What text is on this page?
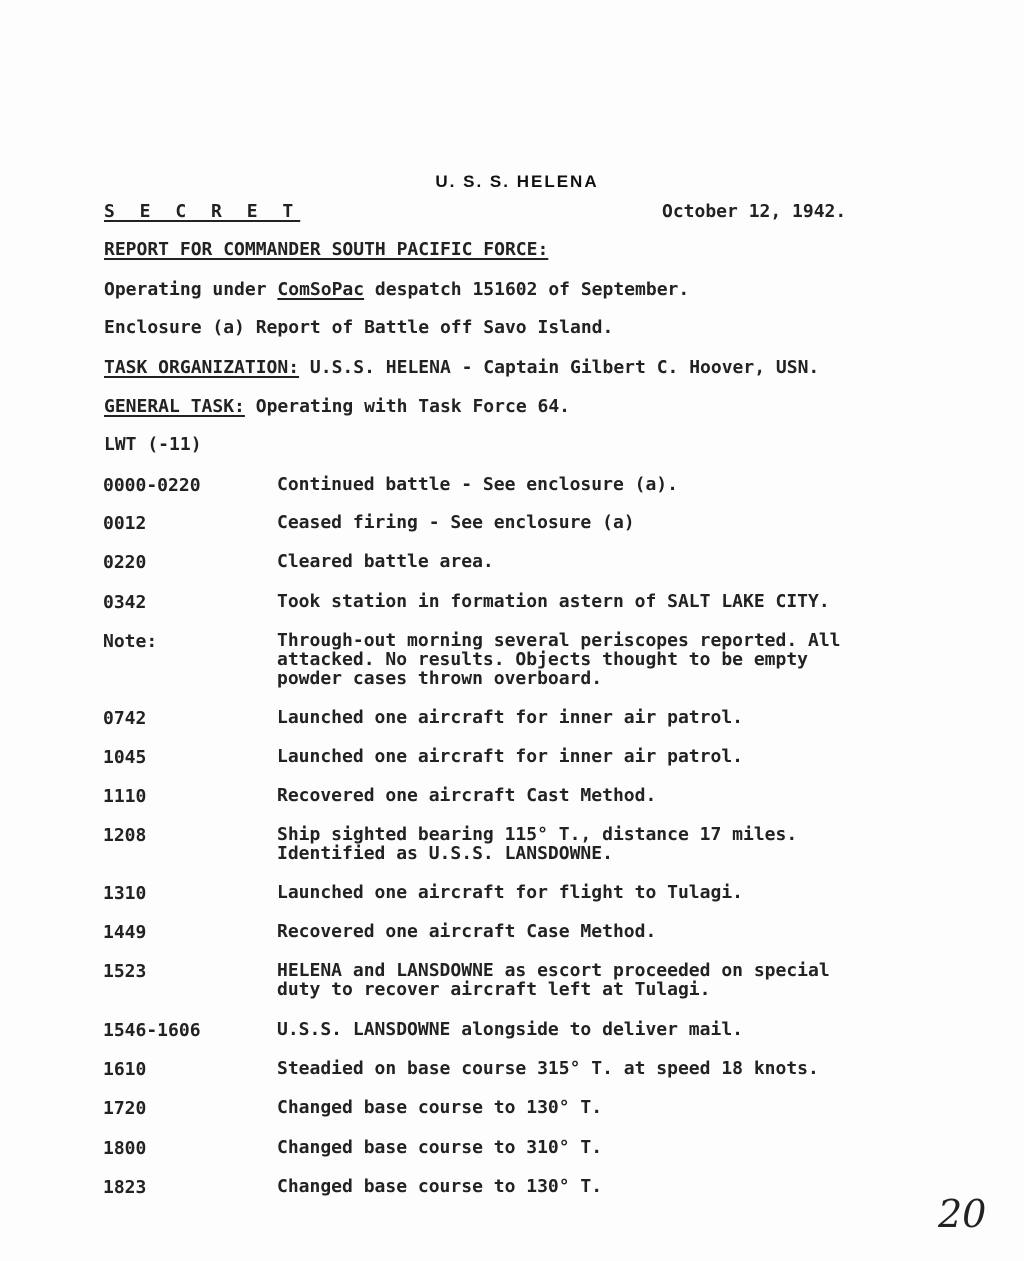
U. S. S. HELENA
S E C R E T	October 12, 1942.
REPORT FOR COMMANDER SOUTH PACIFIC FORCE:
Operating under ComSoPac despatch 151602 of September.
Enclosure (a) Report of Battle off Savo Island.
TASK ORGANIZATION: U.S.S. HELENA - Captain Gilbert C. Hoover, USN.
GENERAL TASK: Operating with Task Force 64.
LWT (-11)
0000-0220	Continued battle - See enclosure (a).
0012	Ceased firing - See enclosure (a)
0220	Cleared battle area.
0342	Took station in formation astern of SALT LAKE CITY.
Note:	Through-out morning several periscopes reported. All
attacked. No results. Objects thought to be empty
powder cases thrown overboard.
0742	Launched one aircraft for inner air patrol.
1045	Launched one aircraft for inner air patrol.
1110	Recovered one aircraft Cast Method.
1208	Ship sighted bearing 115° T., distance 17 miles.
Identified as U.S.S. LANSDOWNE.
1310	Launched one aircraft for flight to Tulagi.
1449	Recovered one aircraft Case Method.
1523	HELENA and LANSDOWNE as escort proceeded on special
duty to recover aircraft left at Tulagi.
1546-1606	U.S.S. LANSDOWNE alongside to deliver mail.
1610	Steadied on base course 315° T. at speed 18 knots.
1720	Changed base course to 130° T.
1800	Changed base course to 310° T.
1823	Changed base course to 130° T.
20
